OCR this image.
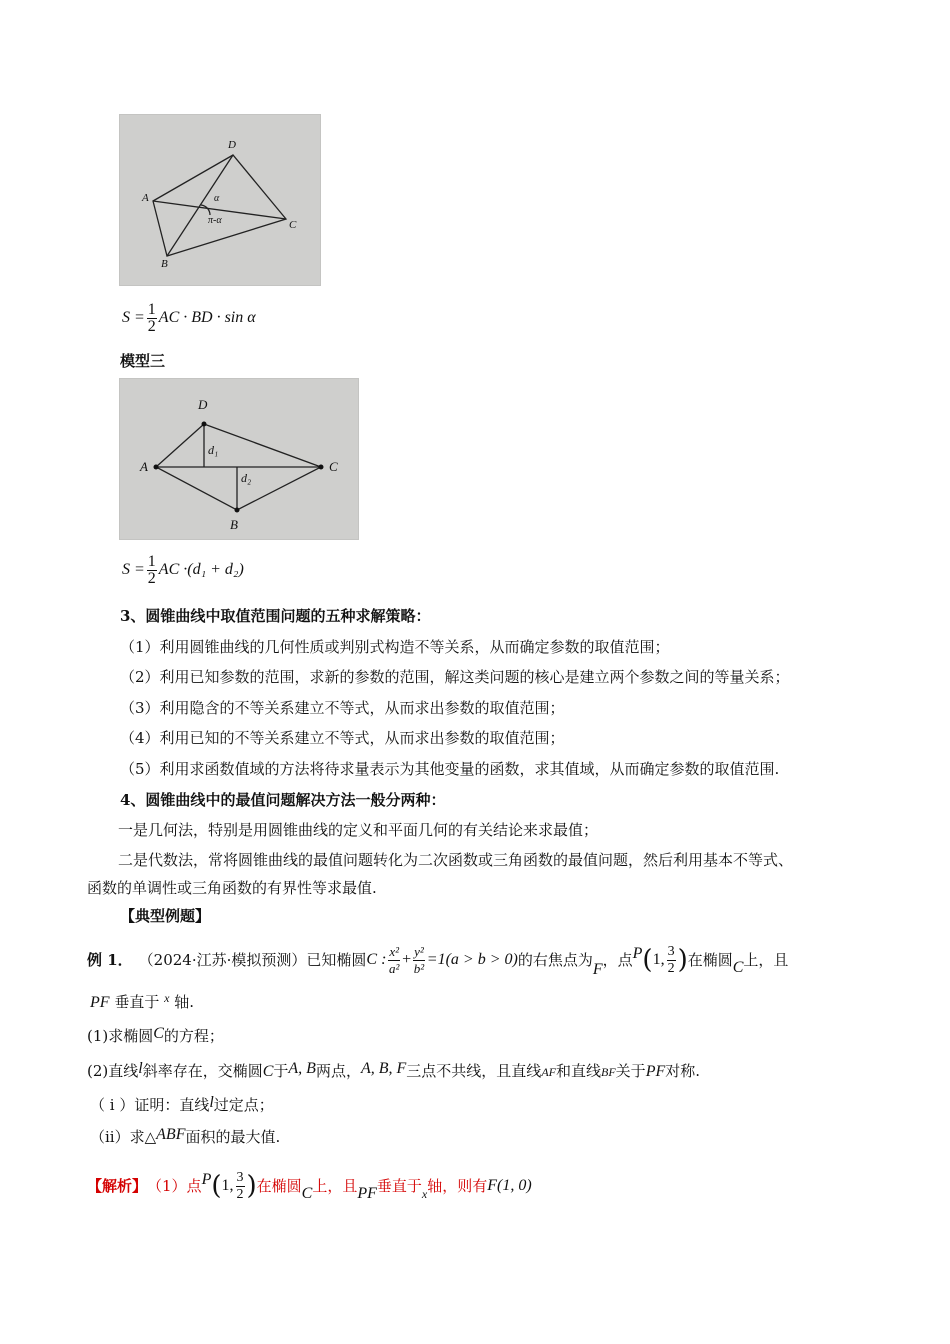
A
D
C
B
α
π-α
$S = \frac{1}{2}$ AC · BD · sin α
模型三
A
D
C
B
d₁
d₂
$S = \frac{1}{2}$ AC ·(d₁ + d₂)
3、圆锥曲线中取值范围问题的五种求解策略：
（1）利用圆锥曲线的几何性质或判别式构造不等关系，从而确定参数的取值范围；
（2）利用已知参数的范围，求新的参数的范围，解这类问题的核心是建立两个参数之间的等量关系；
（3）利用隐含的不等关系建立不等式，从而求出参数的取值范围；
（4）利用已知的不等关系建立不等式，从而求出参数的取值范围；
（5）利用求函数值域的方法将待求量表示为其他变量的函数，求其值域，从而确定参数的取值范围.
4、圆锥曲线中的最值问题解决方法一般分两种：
一是几何法，特别是用圆锥曲线的定义和平面几何的有关结论来求最值；
二是代数法，常将圆锥曲线的最值问题转化为二次函数或三角函数的最值问题，然后利用基本不等式、
函数的单调性或三角函数的有界性等求最值.
【典型例题】
例 1． （2024·江苏·模拟预测）已知椭圆 C : $\frac{\text{x²}}{\text{a²}} + \frac{\text{y²}}{\text{b²}} =1(a > b > 0)$ 的右焦点为
F
，点 P ( 1, $\frac{3}{2}$ ) 在椭圆 C 上，且
PF 垂直于 $^x$ 轴.
(1)求椭圆C的方程；
(2)直线l斜率存在，交椭圆C于A, B两点，A, B, F三点不共线，且直线AF和直线BF关于PF对称.
（ i ）证明：直线l过定点；
（ii）求△ABF面积的最大值.
【解析】 （1）点 P ( 1, $\frac{3}{2}$ ) 在椭圆 C 上，且 PF 垂直于 x 轴，则有 F(1, 0)
